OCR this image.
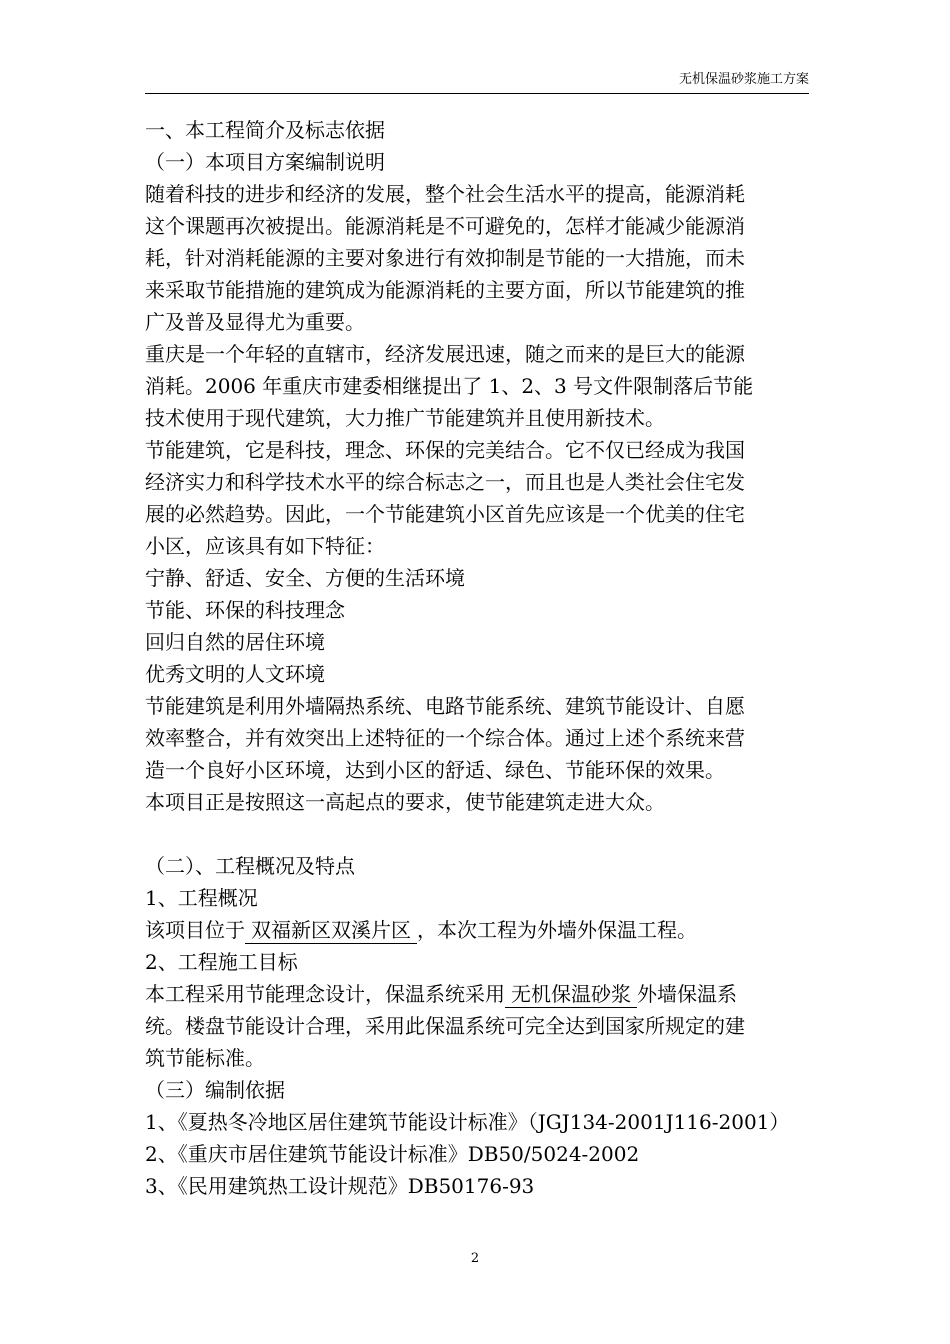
无机保温砂浆施工方案
一、本工程简介及标志依据
（一）本项目方案编制说明
随着科技的进步和经济的发展，整个社会生活水平的提高，能源消耗
这个课题再次被提出。能源消耗是不可避免的，怎样才能减少能源消
耗，针对消耗能源的主要对象进行有效抑制是节能的一大措施，而未
来采取节能措施的建筑成为能源消耗的主要方面，所以节能建筑的推
广及普及显得尤为重要。
重庆是一个年轻的直辖市，经济发展迅速，随之而来的是巨大的能源
消耗。2006 年重庆市建委相继提出了 1、2、3 号文件限制落后节能
技术使用于现代建筑，大力推广节能建筑并且使用新技术。
节能建筑，它是科技，理念、环保的完美结合。它不仅已经成为我国
经济实力和科学技术水平的综合标志之一，而且也是人类社会住宅发
展的必然趋势。因此，一个节能建筑小区首先应该是一个优美的住宅
小区，应该具有如下特征：
宁静、舒适、安全、方便的生活环境
节能、环保的科技理念
回归自然的居住环境
优秀文明的人文环境
节能建筑是利用外墙隔热系统、电路节能系统、建筑节能设计、自愿
效率整合，并有效突出上述特征的一个综合体。通过上述个系统来营
造一个良好小区环境，达到小区的舒适、绿色、节能环保的效果。
本项目正是按照这一高起点的要求，使节能建筑走进大众。
（二）、工程概况及特点
1、工程概况
该项目位于 双福新区双溪片区 ，本次工程为外墙外保温工程。
2、工程施工目标
本工程采用节能理念设计，保温系统采用 无机保温砂浆 外墙保温系
统。楼盘节能设计合理，采用此保温系统可完全达到国家所规定的建
筑节能标准。
（三）编制依据
1、《夏热冬冷地区居住建筑节能设计标准》（JGJ134-2001J116-2001）
2、《重庆市居住建筑节能设计标准》DB50/5024-2002
3、《民用建筑热工设计规范》DB50176-93
2
